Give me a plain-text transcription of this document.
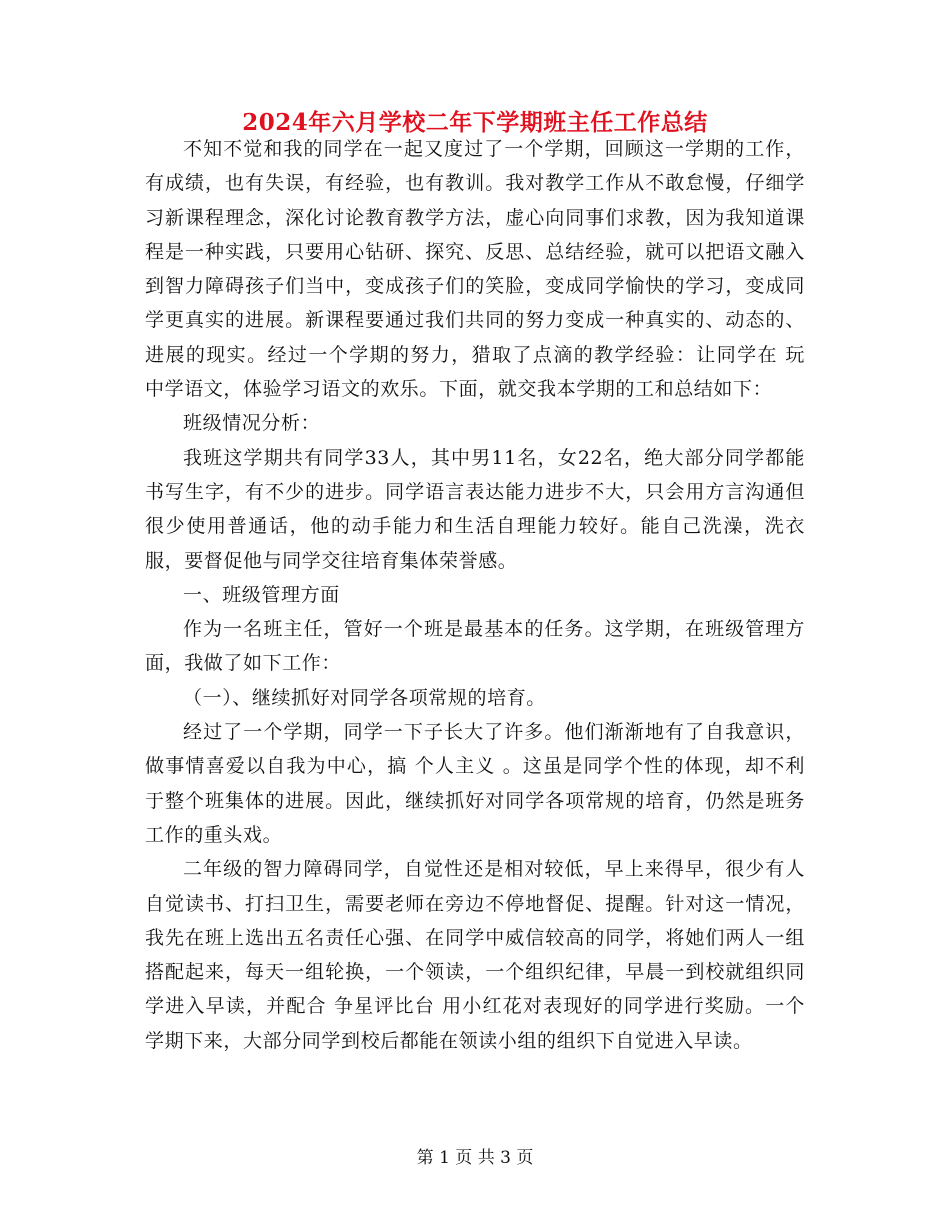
2024年六月学校二年下学期班主任工作总结

不知不觉和我的同学在一起又度过了一个学期，回顾这一学期的工作，有成绩，也有失误，有经验，也有教训。我对教学工作从不敢怠慢，仔细学习新课程理念，深化讨论教育教学方法，虚心向同事们求教，因为我知道课程是一种实践，只要用心钻研、探究、反思、总结经验，就可以把语文融入到智力障碍孩子们当中，变成孩子们的笑脸，变成同学愉快的学习，变成同学更真实的进展。新课程要通过我们共同的努力变成一种真实的、动态的、进展的现实。经过一个学期的努力，猎取了点滴的教学经验：让同学在 玩 中学语文，体验学习语文的欢乐。下面，就交我本学期的工和总结如下：

班级情况分析：

我班这学期共有同学33人，其中男11名，女22名，绝大部分同学都能书写生字，有不少的进步。同学语言表达能力进步不大，只会用方言沟通但很少使用普通话，他的动手能力和生活自理能力较好。能自己洗澡，洗衣服，要督促他与同学交往培育集体荣誉感。

一、班级管理方面

作为一名班主任，管好一个班是最基本的任务。这学期，在班级管理方面，我做了如下工作：

（一）、继续抓好对同学各项常规的培育。

经过了一个学期，同学一下子长大了许多。他们渐渐地有了自我意识，做事情喜爱以自我为中心，搞 个人主义 。这虽是同学个性的体现，却不利于整个班集体的进展。因此，继续抓好对同学各项常规的培育，仍然是班务工作的重头戏。

二年级的智力障碍同学，自觉性还是相对较低，早上来得早，很少有人自觉读书、打扫卫生，需要老师在旁边不停地督促、提醒。针对这一情况，我先在班上选出五名责任心强、在同学中威信较高的同学，将她们两人一组搭配起来，每天一组轮换，一个领读，一个组织纪律，早晨一到校就组织同学进入早读，并配合 争星评比台 用小红花对表现好的同学进行奖励。一个学期下来，大部分同学到校后都能在领读小组的组织下自觉进入早读。

第 1 页 共 3 页
